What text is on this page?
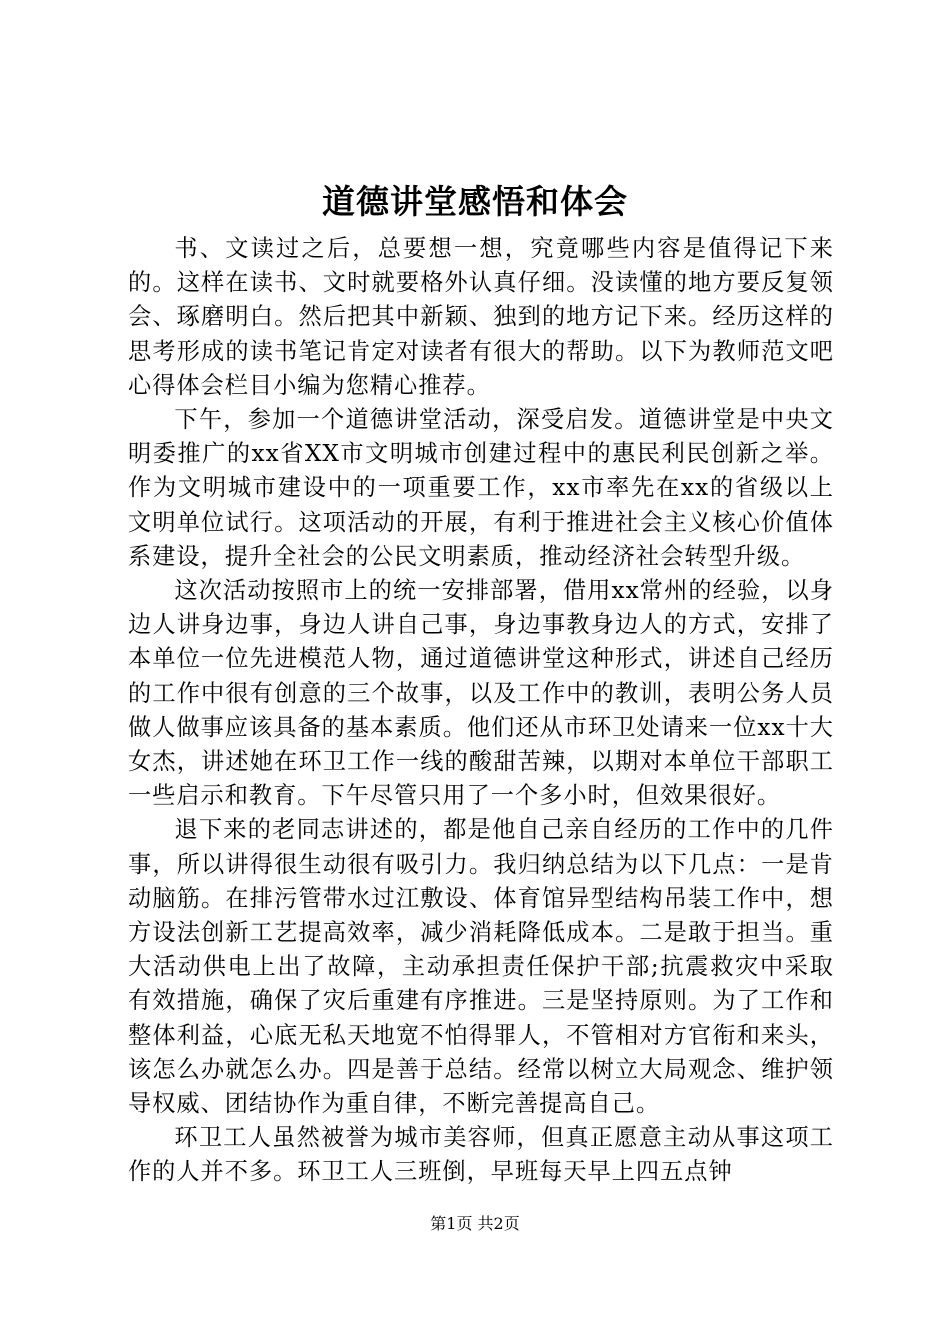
道德讲堂感悟和体会

书、文读过之后，总要想一想，究竟哪些内容是值得记下来的。这样在读书、文时就要格外认真仔细。没读懂的地方要反复领会、琢磨明白。然后把其中新颖、独到的地方记下来。经历这样的思考形成的读书笔记肯定对读者有很大的帮助。以下为教师范文吧心得体会栏目小编为您精心推荐。

下午，参加一个道德讲堂活动，深受启发。道德讲堂是中央文明委推广的xx省XX市文明城市创建过程中的惠民利民创新之举。作为文明城市建设中的一项重要工作，xx市率先在xx的省级以上文明单位试行。这项活动的开展，有利于推进社会主义核心价值体系建设，提升全社会的公民文明素质，推动经济社会转型升级。

这次活动按照市上的统一安排部署，借用xx常州的经验，以身边人讲身边事，身边人讲自己事，身边事教身边人的方式，安排了本单位一位先进模范人物，通过道德讲堂这种形式，讲述自己经历的工作中很有创意的三个故事，以及工作中的教训，表明公务人员做人做事应该具备的基本素质。他们还从市环卫处请来一位xx十大女杰，讲述她在环卫工作一线的酸甜苦辣，以期对本单位干部职工一些启示和教育。下午尽管只用了一个多小时，但效果很好。

退下来的老同志讲述的，都是他自己亲自经历的工作中的几件事，所以讲得很生动很有吸引力。我归纳总结为以下几点：一是肯动脑筋。在排污管带水过江敷设、体育馆异型结构吊装工作中，想方设法创新工艺提高效率，减少消耗降低成本。二是敢于担当。重大活动供电上出了故障，主动承担责任保护干部;抗震救灾中采取有效措施，确保了灾后重建有序推进。三是坚持原则。为了工作和整体利益，心底无私天地宽不怕得罪人，不管相对方官衔和来头，该怎么办就怎么办。四是善于总结。经常以树立大局观念、维护领导权威、团结协作为重自律，不断完善提高自己。

环卫工人虽然被誉为城市美容师，但真正愿意主动从事这项工作的人并不多。环卫工人三班倒，早班每天早上四五点钟

第1页 共2页
